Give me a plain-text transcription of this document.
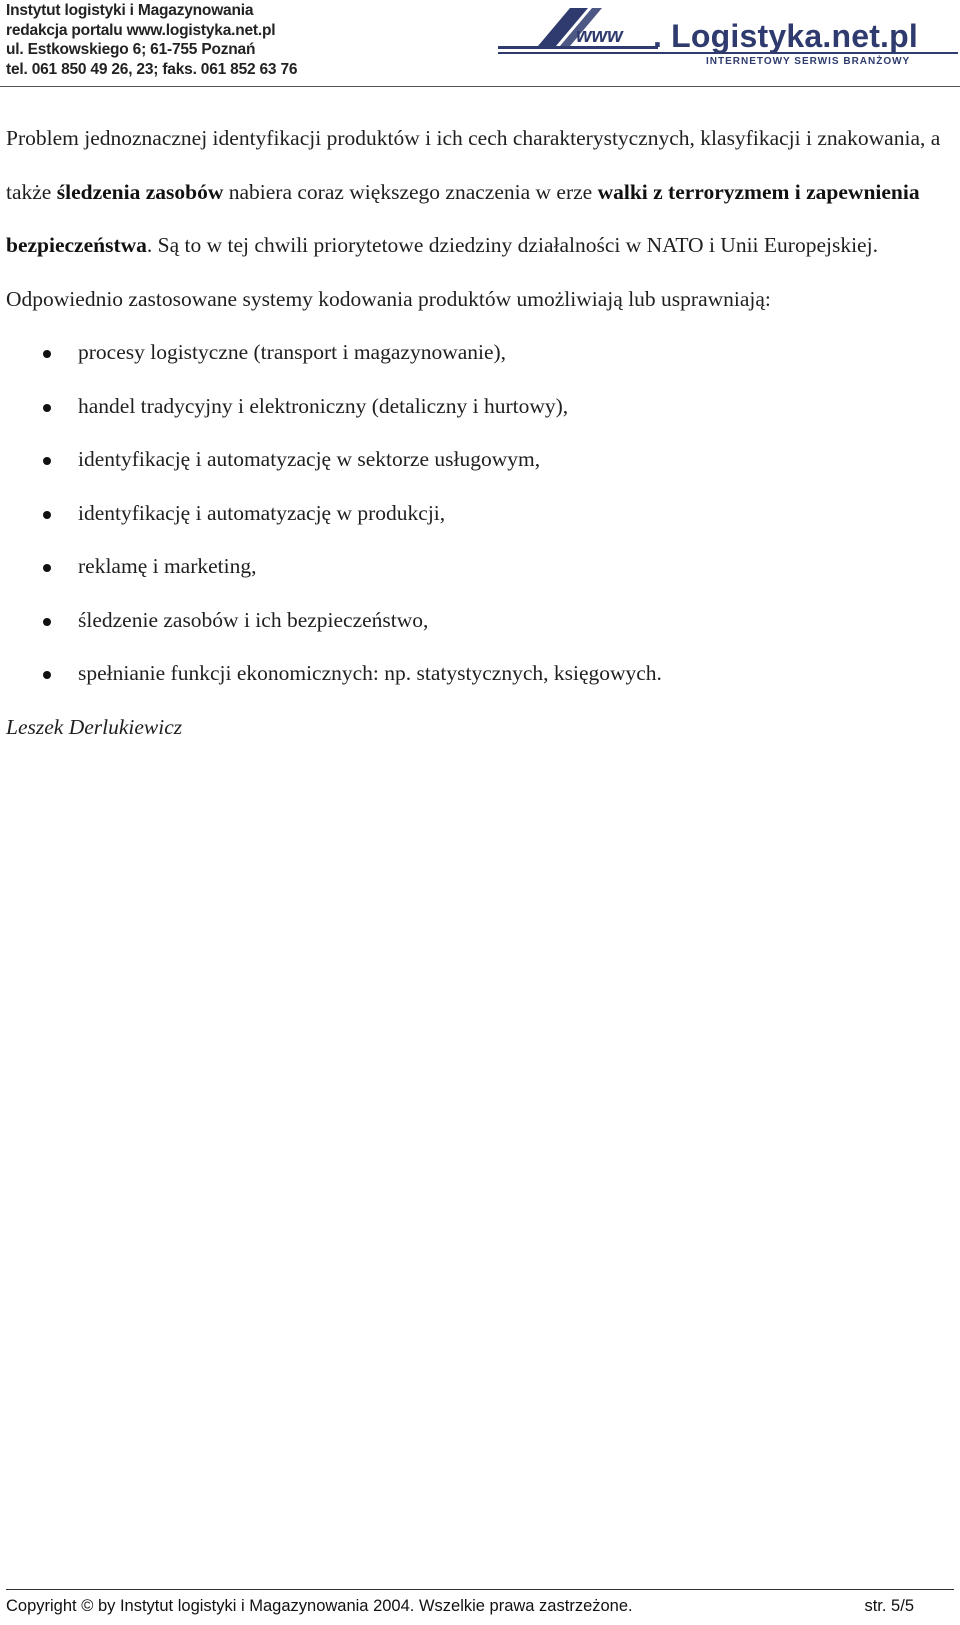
Instytut logistyki i Magazynowania
redakcja portalu www.logistyka.net.pl
ul. Estkowskiego 6; 61-755 Poznań
tel. 061 850 49 26, 23; faks. 061 852 63 76
www . Logistyka.net.pl
INTERNETOWY SERWIS BRANŻOWY

Problem jednoznacznej identyfikacji produktów i ich cech charakterystycznych, klasyfikacji i znakowania, a także śledzenia zasobów nabiera coraz większego znaczenia w erze walki z terroryzmem i zapewnienia bezpieczeństwa. Są to w tej chwili priorytetowe dziedziny działalności w NATO i Unii Europejskiej.

Odpowiednio zastosowane systemy kodowania produktów umożliwiają lub usprawniają:

procesy logistyczne (transport i magazynowanie),
handel tradycyjny i elektroniczny (detaliczny i hurtowy),
identyfikację i automatyzację w sektorze usługowym,
identyfikację i automatyzację w produkcji,
reklamę i marketing,
śledzenie zasobów i ich bezpieczeństwo,
spełnianie funkcji ekonomicznych: np. statystycznych, księgowych.

Leszek Derlukiewicz

Copyright © by Instytut logistyki i Magazynowania 2004. Wszelkie prawa zastrzeżone.	str. 5/5
